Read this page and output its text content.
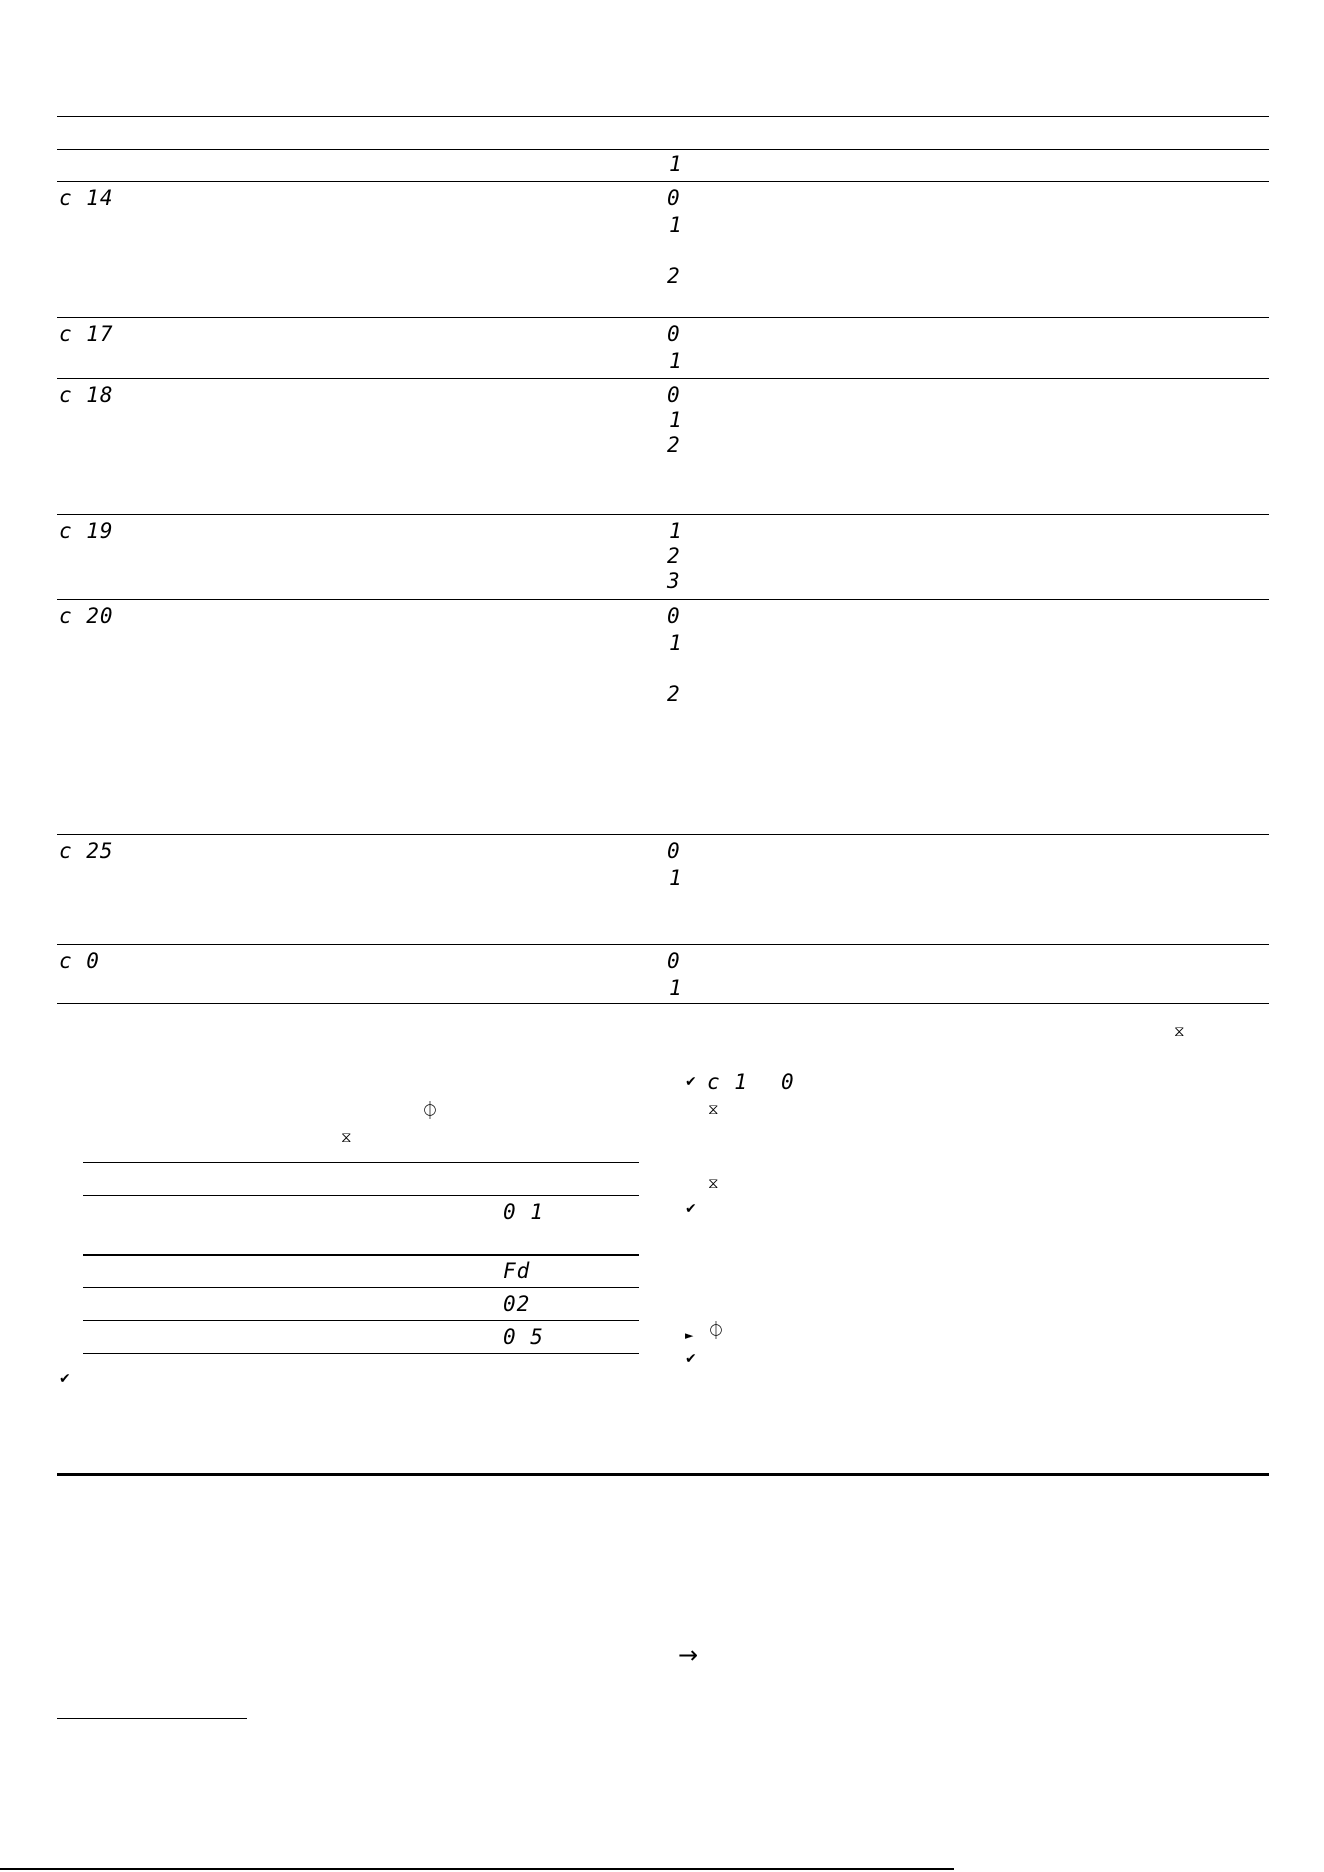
1
c 14	0
1
2
c 17	0
1
c 18	0
1
2
c 19	1
2
3
c 20	0
1
2
c 25	0
1
c 0	0
1
⏀
⧖
0 1
Fd
02
0 5
✔
⧖
✔ c 1 0
⧖
⧖
✔
► ⏀
✔
→
